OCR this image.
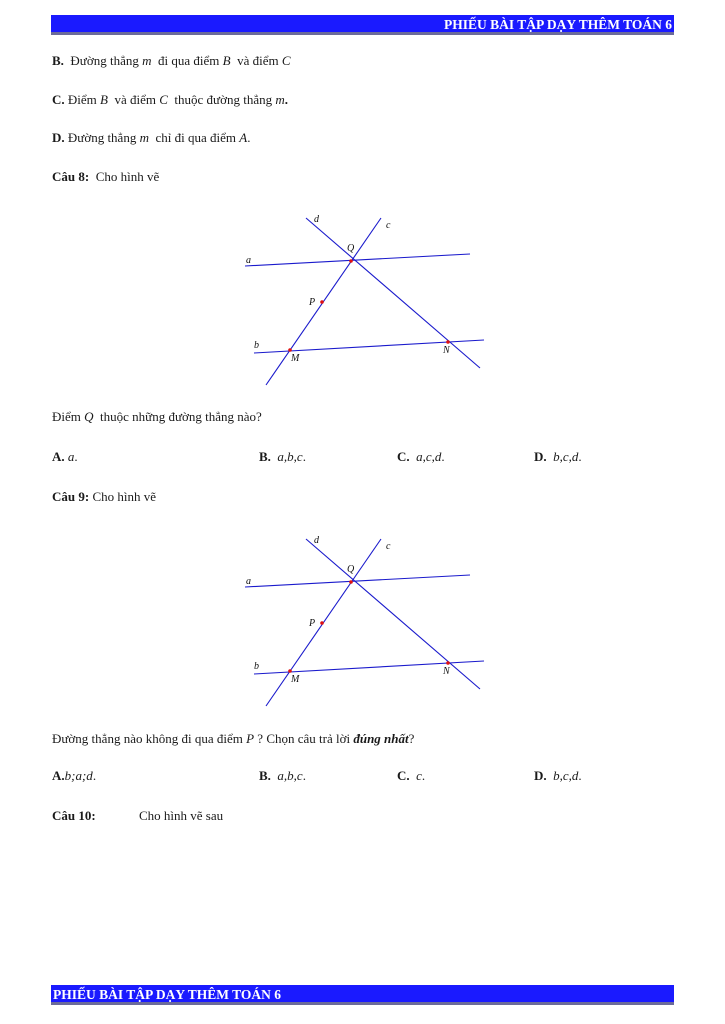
PHIẾU BÀI TẬP DẠY THÊM TOÁN 6
B. Đường thẳng m đi qua điểm B và điểm C
C. Điểm B và điểm C thuộc đường thẳng m.
D. Đường thẳng m chỉ đi qua điểm A.
Câu 8: Cho hình vẽ
a
b
c
d
Q
P
M
N
Điểm Q thuộc những đường thẳng nào?
A. a.	B. a,b,c.	C. a,c,d.	D. b,c,d.
Câu 9: Cho hình vẽ
a
b
c
d
Q
P
M
N
Đường thẳng nào không đi qua điểm P ? Chọn câu trả lời đúng nhất?
A.b;a;d.	B. a,b,c.	C. c.	D. b,c,d.
Câu 10:	Cho hình vẽ sau
PHIẾU BÀI TẬP DẠY THÊM TOÁN 6
